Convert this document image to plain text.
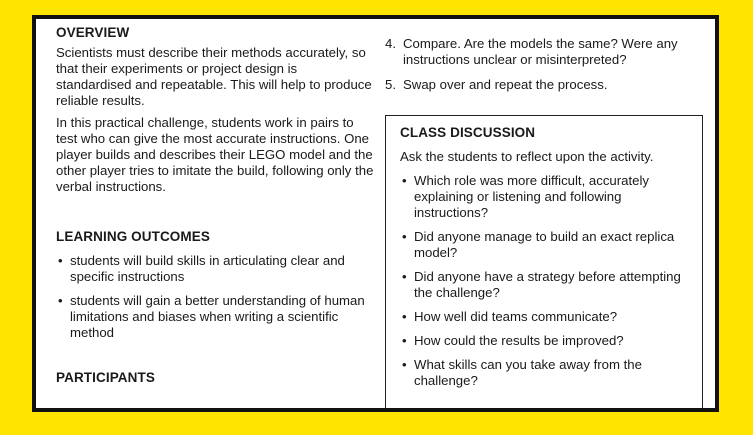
OVERVIEW

Scientists must describe their methods accurately, so that their experiments or project design is standardised and repeatable. This will help to produce reliable results.

In this practical challenge, students work in pairs to test who can give the most accurate instructions. One player builds and describes their LEGO model and the other player tries to imitate the build, following only the verbal instructions.

LEARNING OUTCOMES
• students will build skills in articulating clear and specific instructions
• students will gain a better understanding of human limitations and biases when writing a scientific method
PARTICIPANTS
4. Compare. Are the models the same? Were any instructions unclear or misinterpreted?
5. Swap over and repeat the process.
CLASS DISCUSSION

Ask the students to reflect upon the activity.

• Which role was more difficult, accurately explaining or listening and following instructions?
• Did anyone manage to build an exact replica model?
• Did anyone have a strategy before attempting the challenge?
• How well did teams communicate?
• How could the results be improved?
• What skills can you take away from the challenge?
